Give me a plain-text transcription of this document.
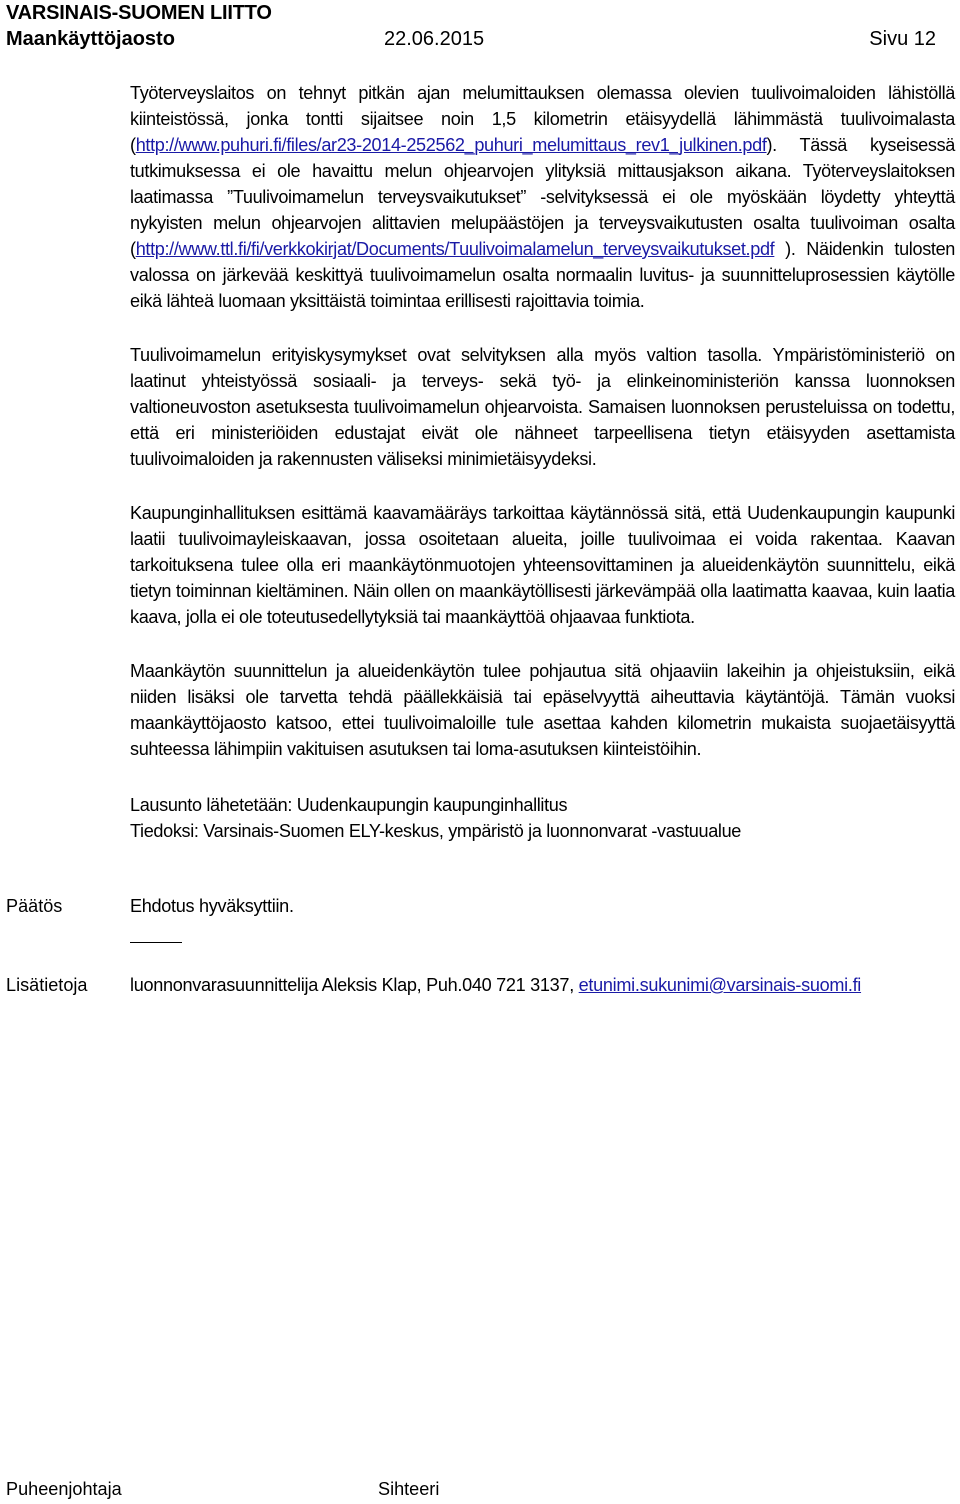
VARSINAIS-SUOMEN LIITTO
Maankäyttöjaosto	22.06.2015	Sivu 12

Työterveyslaitos on tehnyt pitkän ajan melumittauksen olemassa olevien tuulivoimaloiden lähistöllä kiinteistössä, jonka tontti sijaitsee noin 1,5 kilometrin etäisyydellä lähimmästä tuulivoimalasta (http://www.puhuri.fi/files/ar23-2014-252562_puhuri_melumittaus_rev1_julkinen.pdf). Tässä kyseisessä tutkimuksessa ei ole havaittu melun ohjearvojen ylityksiä mittausjakson aikana. Työterveyslaitoksen laatimassa ”Tuulivoimamelun terveysvaikutukset” -selvityksessä ei ole myöskään löydetty yhteyttä nykyisten melun ohjearvojen alittavien melupäästöjen ja terveysvaikutusten osalta tuulivoiman osalta (http://www.ttl.fi/fi/verkkokirjat/Documents/Tuulivoimalamelun_terveysvaikutukset.pdf ). Näidenkin tulosten valossa on järkevää keskittyä tuulivoimamelun osalta normaalin luvitus- ja suunnitteluprosessien käytölle eikä lähteä luomaan yksittäistä toimintaa erillisesti rajoittavia toimia.

Tuulivoimamelun erityiskysymykset ovat selvityksen alla myös valtion tasolla. Ympäristöministeriö on laatinut yhteistyössä sosiaali- ja terveys- sekä työ- ja elinkeinoministeriön kanssa luonnoksen valtioneuvoston asetuksesta tuulivoimamelun ohjearvoista. Samaisen luonnoksen perusteluissa on todettu, että eri ministeriöiden edustajat eivät ole nähneet tarpeellisena tietyn etäisyyden asettamista tuulivoimaloiden ja rakennusten väliseksi minimietäisyydeksi.

Kaupunginhallituksen esittämä kaavamääräys tarkoittaa käytännössä sitä, että Uudenkaupungin kaupunki laatii tuulivoimayleiskaavan, jossa osoitetaan alueita, joille tuulivoimaa ei voida rakentaa. Kaavan tarkoituksena tulee olla eri maankäytönmuotojen yhteensovittaminen ja alueidenkäytön suunnittelu, eikä tietyn toiminnan kieltäminen. Näin ollen on maankäytöllisesti järkevämpää olla laatimatta kaavaa, kuin laatia kaava, jolla ei ole toteutusedellytyksiä tai maankäyttöä ohjaavaa funktiota.

Maankäytön suunnittelun ja alueidenkäytön tulee pohjautua sitä ohjaaviin lakeihin ja ohjeistuksiin, eikä niiden lisäksi ole tarvetta tehdä päällekkäisiä tai epäselvyyttä aiheuttavia käytäntöjä. Tämän vuoksi maankäyttöjaosto katsoo, ettei tuulivoimaloille tule asettaa kahden kilometrin mukaista suojaetäisyyttä suhteessa lähimpiin vakituisen asutuksen tai loma-asutuksen kiinteistöihin.

Lausunto lähetetään: Uudenkaupungin kaupunginhallitus

Tiedoksi: Varsinais-Suomen ELY-keskus, ympäristö ja luonnonvarat -vastuualue

Päätös	Ehdotus hyväksyttiin.
Lisätietoja luonnonvarasuunnittelija Aleksis Klap, Puh.040 721 3137, etunimi.sukunimi@varsinais-suomi.fi
Puheenjohtaja	Sihteeri
